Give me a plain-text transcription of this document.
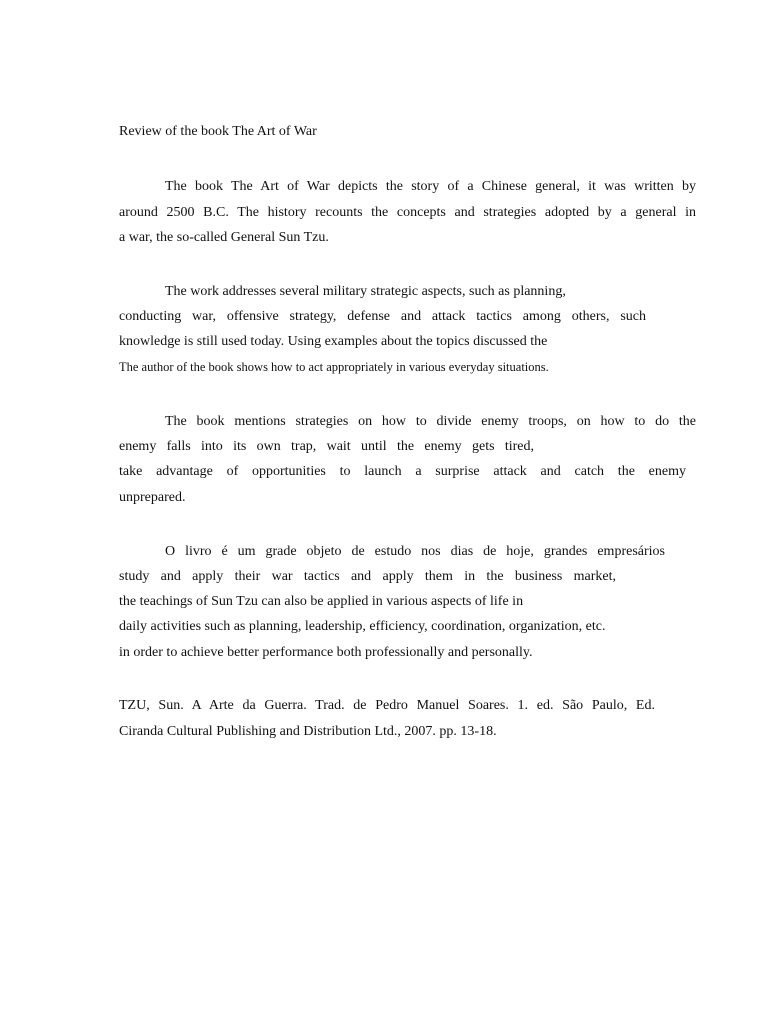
Review of the book The Art of War
The book The Art of War depicts the story of a Chinese general, it was written by
around 2500 B.C. The history recounts the concepts and strategies adopted by a general in
a war, the so-called General Sun Tzu.
The work addresses several military strategic aspects, such as planning,
conducting war, offensive strategy, defense and attack tactics among others, such
knowledge is still used today. Using examples about the topics discussed the
The author of the book shows how to act appropriately in various everyday situations.
The book mentions strategies on how to divide enemy troops, on how to do the
enemy falls into its own trap, wait until the enemy gets tired,
take advantage of opportunities to launch a surprise attack and catch the enemy
unprepared.
O livro é um grade objeto de estudo nos dias de hoje, grandes empresários
study and apply their war tactics and apply them in the business market,
the teachings of Sun Tzu can also be applied in various aspects of life in
daily activities such as planning, leadership, efficiency, coordination, organization, etc.
in order to achieve better performance both professionally and personally.
TZU, Sun. A Arte da Guerra. Trad. de Pedro Manuel Soares. 1. ed. São Paulo, Ed.
Ciranda Cultural Publishing and Distribution Ltd., 2007. pp. 13-18.
